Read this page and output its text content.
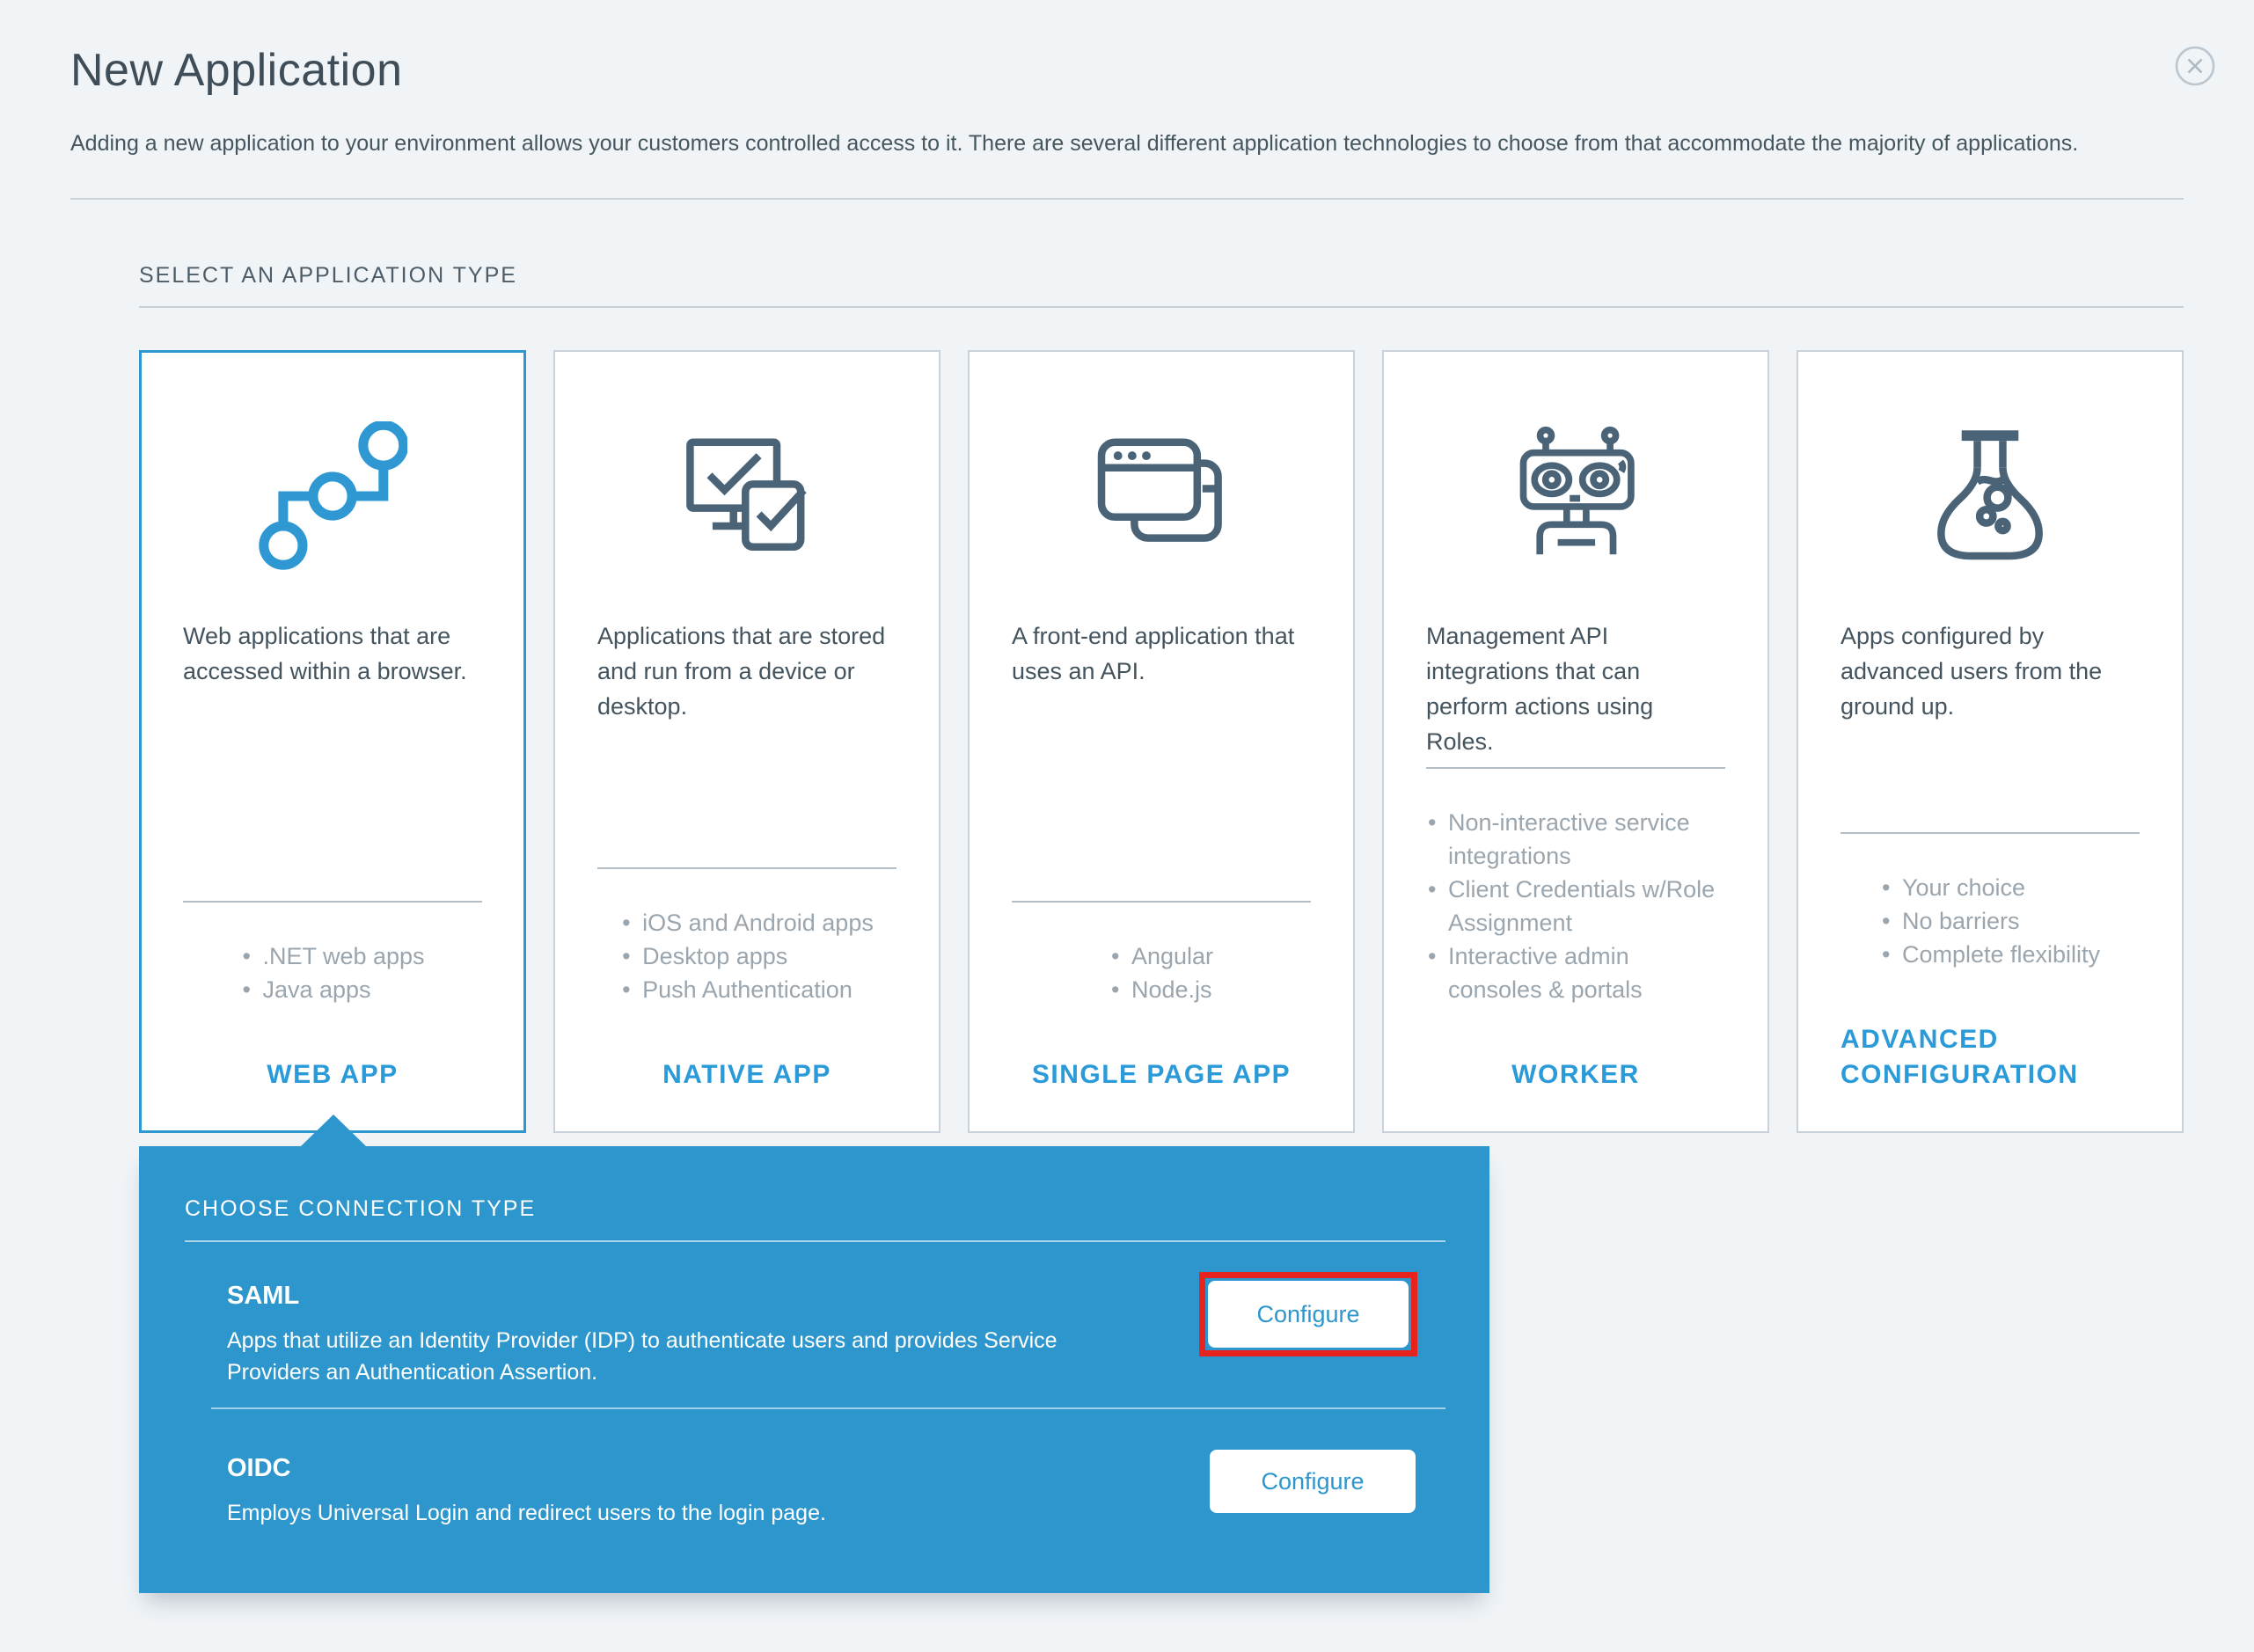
New Application

Adding a new application to your environment allows your customers controlled access to it. There are several different application technologies to choose from that accommodate the majority of applications.

SELECT AN APPLICATION TYPE
Web applications that are accessed within a browser.
• .NET web apps
• Java apps
WEB APP
Applications that are stored and run from a device or desktop.
• iOS and Android apps
• Desktop apps
• Push Authentication
NATIVE APP
A front-end application that uses an API.
• Angular
• Node.js
SINGLE PAGE APP
Management API integrations that can perform actions using Roles.
• Non-interactive service integrations
• Client Credentials w/Role Assignment
• Interactive admin consoles & portals
WORKER
Apps configured by advanced users from the ground up.
• Your choice
• No barriers
• Complete flexibility
ADVANCED CONFIGURATION
CHOOSE CONNECTION TYPE
SAML
Apps that utilize an Identity Provider (IDP) to authenticate users and provides Service Providers an Authentication Assertion.
Configure
OIDC
Employs Universal Login and redirect users to the login page.
Configure
